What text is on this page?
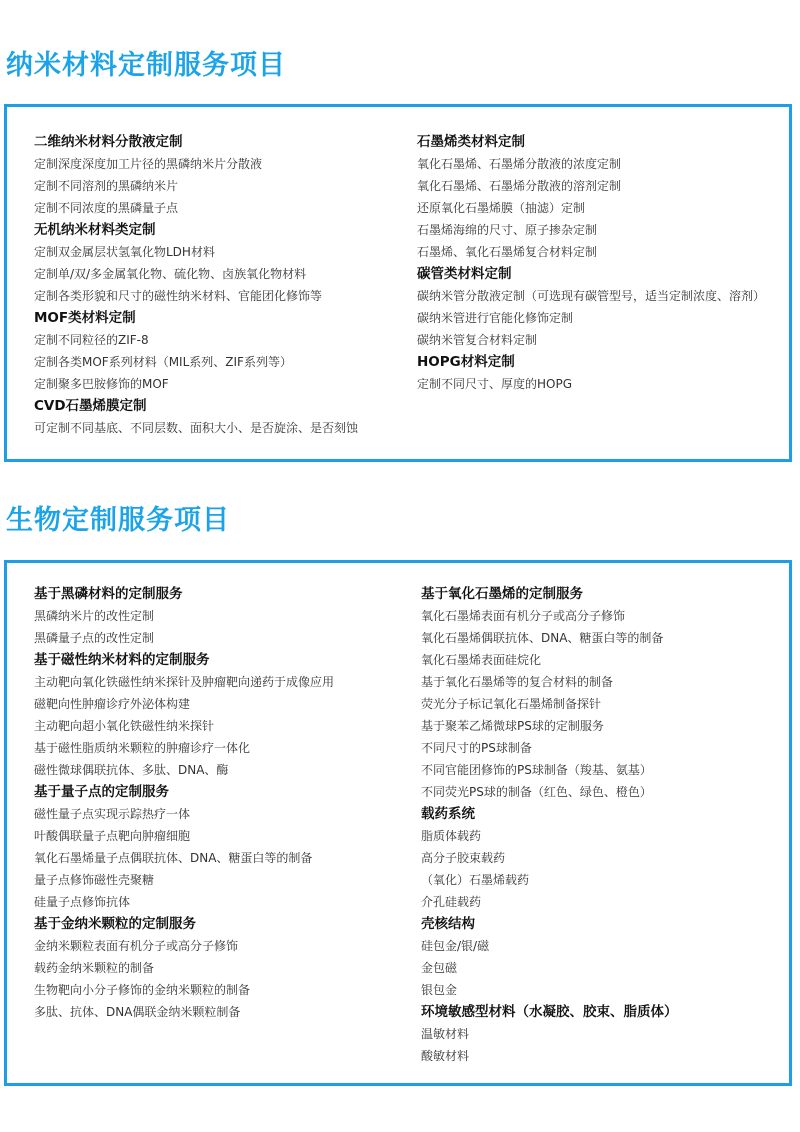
纳米材料定制服务项目
二维纳米材料分散液定制
定制深度深度加工片径的黑磷纳米片分散液
定制不同溶剂的黑磷纳米片
定制不同浓度的黑磷量子点
无机纳米材料类定制
定制双金属层状氢氧化物LDH材料
定制单/双/多金属氧化物、硫化物、卤族氧化物材料
定制各类形貌和尺寸的磁性纳米材料、官能团化修饰等
MOF类材料定制
定制不同粒径的ZIF-8
定制各类MOF系列材料（MIL系列、ZIF系列等）
定制聚多巴胺修饰的MOF
CVD石墨烯膜定制
可定制不同基底、不同层数、面积大小、是否旋涂、是否刻蚀
石墨烯类材料定制
氧化石墨烯、石墨烯分散液的浓度定制
氧化石墨烯、石墨烯分散液的溶剂定制
还原氧化石墨烯膜（抽滤）定制
石墨烯海绵的尺寸、原子掺杂定制
石墨烯、氧化石墨烯复合材料定制
碳管类材料定制
碳纳米管分散液定制（可选现有碳管型号，适当定制浓度、溶剂）
碳纳米管进行官能化修饰定制
碳纳米管复合材料定制
HOPG材料定制
定制不同尺寸、厚度的HOPG
生物定制服务项目
基于黑磷材料的定制服务
黑磷纳米片的改性定制
黑磷量子点的改性定制
基于磁性纳米材料的定制服务
主动靶向氧化铁磁性纳米探针及肿瘤靶向递药于成像应用
磁靶向性肿瘤诊疗外泌体构建
主动靶向超小氧化铁磁性纳米探针
基于磁性脂质纳米颗粒的肿瘤诊疗一体化
磁性微球偶联抗体、多肽、DNA、酶
基于量子点的定制服务
磁性量子点实现示踪热疗一体
叶酸偶联量子点靶向肿瘤细胞
氧化石墨烯量子点偶联抗体、DNA、糖蛋白等的制备
量子点修饰磁性壳聚糖
硅量子点修饰抗体
基于金纳米颗粒的定制服务
金纳米颗粒表面有机分子或高分子修饰
载药金纳米颗粒的制备
生物靶向小分子修饰的金纳米颗粒的制备
多肽、抗体、DNA偶联金纳米颗粒制备
基于氧化石墨烯的定制服务
氧化石墨烯表面有机分子或高分子修饰
氧化石墨烯偶联抗体、DNA、糖蛋白等的制备
氧化石墨烯表面硅烷化
基于氧化石墨烯等的复合材料的制备
荧光分子标记氧化石墨烯制备探针
基于聚苯乙烯微球PS球的定制服务
不同尺寸的PS球制备
不同官能团修饰的PS球制备（羧基、氨基）
不同荧光PS球的制备（红色、绿色、橙色）
载药系统
脂质体载药
高分子胶束载药
（氧化）石墨烯载药
介孔硅载药
壳核结构
硅包金/银/磁
金包磁
银包金
环境敏感型材料（水凝胶、胶束、脂质体）
温敏材料
酸敏材料
